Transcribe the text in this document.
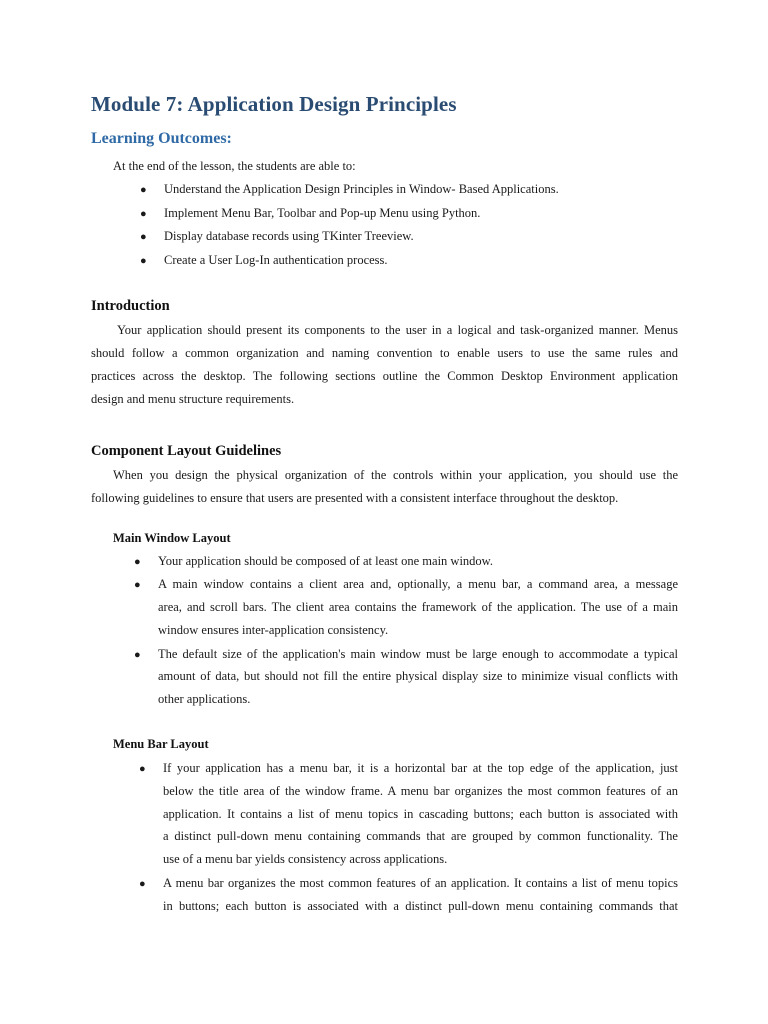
Module 7: Application Design Principles
Learning Outcomes:

At the end of the lesson, the students are able to:

● Understand the Application Design Principles in Window- Based Applications.

● Implement Menu Bar, Toolbar and Pop-up Menu using Python.

● Display database records using TKinter Treeview.

● Create a User Log-In authentication process.

Introduction

Your application should present its components to the user in a logical and task-organized manner. Menus

should follow a common organization and naming convention to enable users to use the same rules and

practices across the desktop. The following sections outline the Common Desktop Environment application

design and menu structure requirements.

Component Layout Guidelines

When you design the physical organization of the controls within your application, you should use the

following guidelines to ensure that users are presented with a consistent interface throughout the desktop.

Main Window Layout
● Your application should be composed of at least one main window.

● A main window contains a client area and, optionally, a menu bar, a command area, a message

area, and scroll bars. The client area contains the framework of the application. The use of a main

window ensures inter-application consistency.

● The default size of the application's main window must be large enough to accommodate a typical

amount of data, but should not fill the entire physical display size to minimize visual conflicts with

other applications.

Menu Bar Layout
● If your application has a menu bar, it is a horizontal bar at the top edge of the application, just

below the title area of the window frame. A menu bar organizes the most common features of an

application. It contains a list of menu topics in cascading buttons; each button is associated with

a distinct pull-down menu containing commands that are grouped by common functionality. The

use of a menu bar yields consistency across applications.

● A menu bar organizes the most common features of an application. It contains a list of menu topics

in buttons; each button is associated with a distinct pull-down menu containing commands that
